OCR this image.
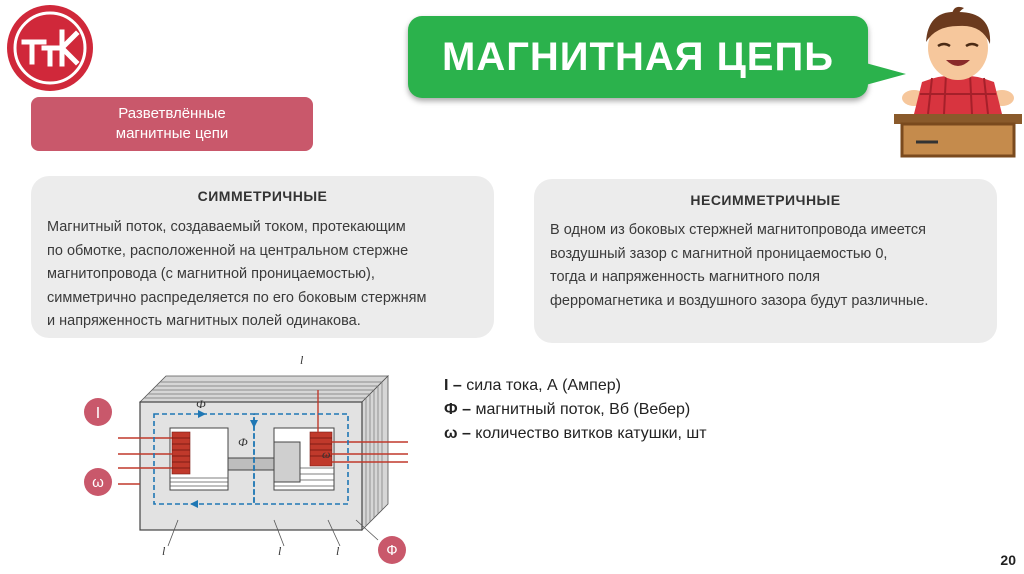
МАГНИТНАЯ ЦЕПЬ
Разветвлённые
магнитные цепи
СИММЕТРИЧНЫЕ
Магнитный поток, создаваемый током, протекающим
по обмотке, расположенной на центральном стержне
магнитопровода (с магнитной проницаемостью),
симметрично распределяется по его боковым стержням
и напряженность магнитных полей одинакова.
НЕСИММЕТРИЧНЫЕ
В одном из боковых стержней магнитопровода имеется
воздушный зазор с магнитной проницаемостью 0,
тогда и напряженность магнитного поля
ферромагнетика и воздушного зазора будут различные.
I
ω
Ф
Ф
Ф
l	l	l
l
ω
I – сила тока, А (Ампер)
Ф – магнитный поток, Вб (Вебер)
ω – количество витков катушки, шт
20
